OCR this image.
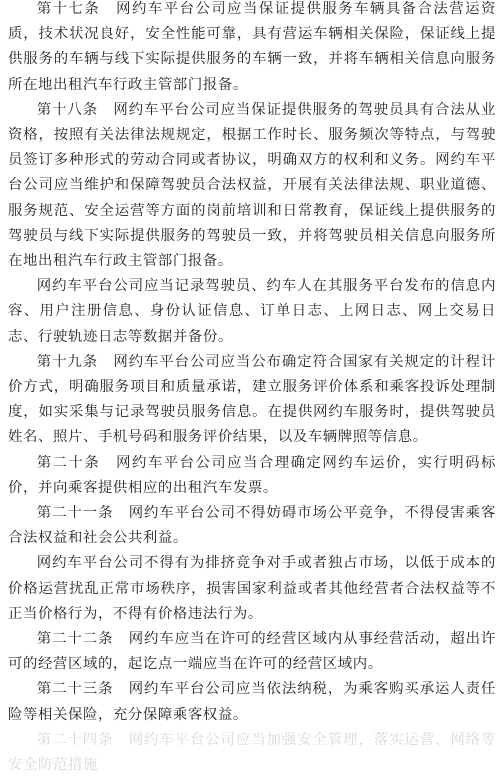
第十七条　网约车平台公司应当保证提供服务车辆具备合法营运资质，技术状况良好，安全性能可靠，具有营运车辆相关保险，保证线上提供服务的车辆与线下实际提供服务的车辆一致，并将车辆相关信息向服务所在地出租汽车行政主管部门报备。

第十八条　网约车平台公司应当保证提供服务的驾驶员具有合法从业资格，按照有关法律法规规定，根据工作时长、服务频次等特点，与驾驶员签订多种形式的劳动合同或者协议，明确双方的权利和义务。网约车平台公司应当维护和保障驾驶员合法权益，开展有关法律法规、职业道德、服务规范、安全运营等方面的岗前培训和日常教育，保证线上提供服务的驾驶员与线下实际提供服务的驾驶员一致，并将驾驶员相关信息向服务所在地出租汽车行政主管部门报备。

网约车平台公司应当记录驾驶员、约车人在其服务平台发布的信息内容、用户注册信息、身份认证信息、订单日志、上网日志、网上交易日志、行驶轨迹日志等数据并备份。

第十九条　网约车平台公司应当公布确定符合国家有关规定的计程计价方式，明确服务项目和质量承诺，建立服务评价体系和乘客投诉处理制度，如实采集与记录驾驶员服务信息。在提供网约车服务时，提供驾驶员姓名、照片、手机号码和服务评价结果，以及车辆牌照等信息。

第二十条　网约车平台公司应当合理确定网约车运价，实行明码标价，并向乘客提供相应的出租汽车发票。

第二十一条　网约车平台公司不得妨碍市场公平竞争，不得侵害乘客合法权益和社会公共利益。

网约车平台公司不得有为排挤竞争对手或者独占市场，以低于成本的价格运营扰乱正常市场秩序，损害国家利益或者其他经营者合法权益等不正当价格行为，不得有价格违法行为。

第二十二条　网约车应当在许可的经营区域内从事经营活动，超出许可的经营区域的，起讫点一端应当在许可的经营区域内。

第二十三条　网约车平台公司应当依法纳税，为乘客购买承运人责任险等相关保险，充分保障乘客权益。

第二十四条　网约车平台公司应当加强安全管理，落实运营、网络等安全防范措施
